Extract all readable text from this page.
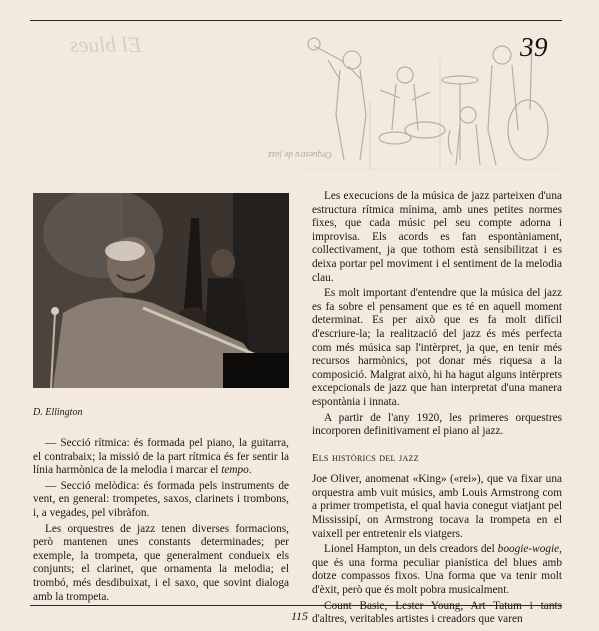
El blues
Orquestra de jazz
39
D. Ellington

— Secció rítmica: és formada pel piano, la guitarra, el contrabaix; la missió de la part rítmica és fer sentir la línia harmònica de la melodia i marcar el tempo.

— Secció melòdica: és formada pels instruments de vent, en general: trompetes, saxos, clarinets i trombons, i, a vegades, pel vibràfon.

Les orquestres de jazz tenen diverses formacions, però mantenen unes constants determinades; per exemple, la trompeta, que generalment condueix els conjunts; el clarinet, que ornamenta la melodia; el trombó, més desdibuixat, i el saxo, que sovint dialoga amb la trompeta.

Les execucions de la música de jazz parteixen d'una estructura rítmica mínima, amb unes petites normes fixes, que cada músic pel seu compte adorna i improvisa. Els acords es fan espontàniament, collectivament, ja que tothom està sensibilitzat i es deixa portar pel moviment i el sentiment de la melodia clau.

Es molt important d'entendre que la música del jazz es fa sobre el pensament que es té en aquell moment determinat. Es per això que es fa molt difícil d'escriure-la; la realització del jazz és més perfecta com més música sap l'intèrpret, ja que, en tenir més recursos harmònics, pot donar més riquesa a la composició. Malgrat això, hi ha hagut alguns intèrprets excepcionals de jazz que han interpretat d'una manera espontània i innata.

A partir de l'any 1920, les primeres orquestres incorporen definitivament el piano al jazz.

Els històrics del jazz

Joe Oliver, anomenat «King» («rei»), que va fixar una orquestra amb vuit músics, amb Louis Armstrong com a primer trompetista, el qual havia conegut viatjant pel Mississipí, on Armstrong tocava la trompeta en el vaixell per entretenir els viatgers.

Lionel Hampton, un dels creadors del boogie-wogie, que és una forma peculiar pianística del blues amb dotze compassos fixos. Una forma que va tenir molt d'èxit, però que és molt pobra musicalment.

d'altres, veritables artistes i creadors que varen

115
